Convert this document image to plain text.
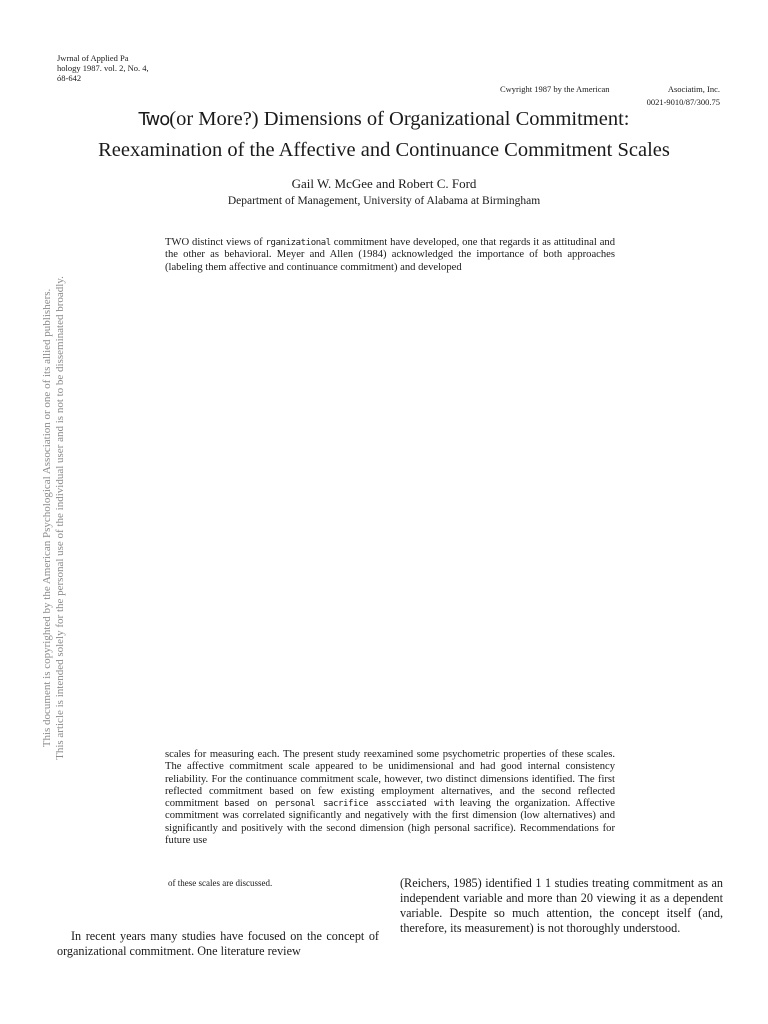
Jwrnal of Applied Pa
hology 1987. vol. 2, No. 4,
ó8-642
Cwyright 1987 by the American	Asociatim, Inc.
0021-9010/87/300.75
Two(or More?) Dimensions of Organizational Commitment:
Reexamination of the Affective and Continuance Commitment Scales
Gail W. McGee and Robert C. Ford
Department of Management, University of Alabama at Birmingham
TWO distinct views of rganizational commitment have developed, one that regards it as attitudinal and the other as behavioral. Meyer and Allen (1984) acknowledged the importance of both approaches (labeling them affective and continuance commitment) and developed
This document is copyrighted by the American Psychological Association or one of its allied publishers. This article is intended solely for the personal use of the individual user and is not to be disseminated broadly.	scales for measuring each. The present study reexamined some psychometric properties of these scales. The affective commitment scale appeared to be unidimensional and had good internal consistency reliability. For the continuance commitment scale, however, two distinct dimensions identified. The first reflected commitment based on few existing employment alternatives, and the second reflected commitment based on personal sacrifice asscciated with leaving the organization. Affective commitment was correlated significantly and negatively with the first dimension (low alternatives) and significantly and positively with the second dimension (high personal sacrifice). Recommendations for future use
of these scales are discussed.
In recent years many studies have focused on the concept of organizational commitment. One literature review
(Reichers, 1985) identified 1 1 studies treating commitment as an independent variable and more than 20 viewing it as a dependent variable. Despite so much attention, the concept itself (and, therefore, its measurement) is not thoroughly understood.
